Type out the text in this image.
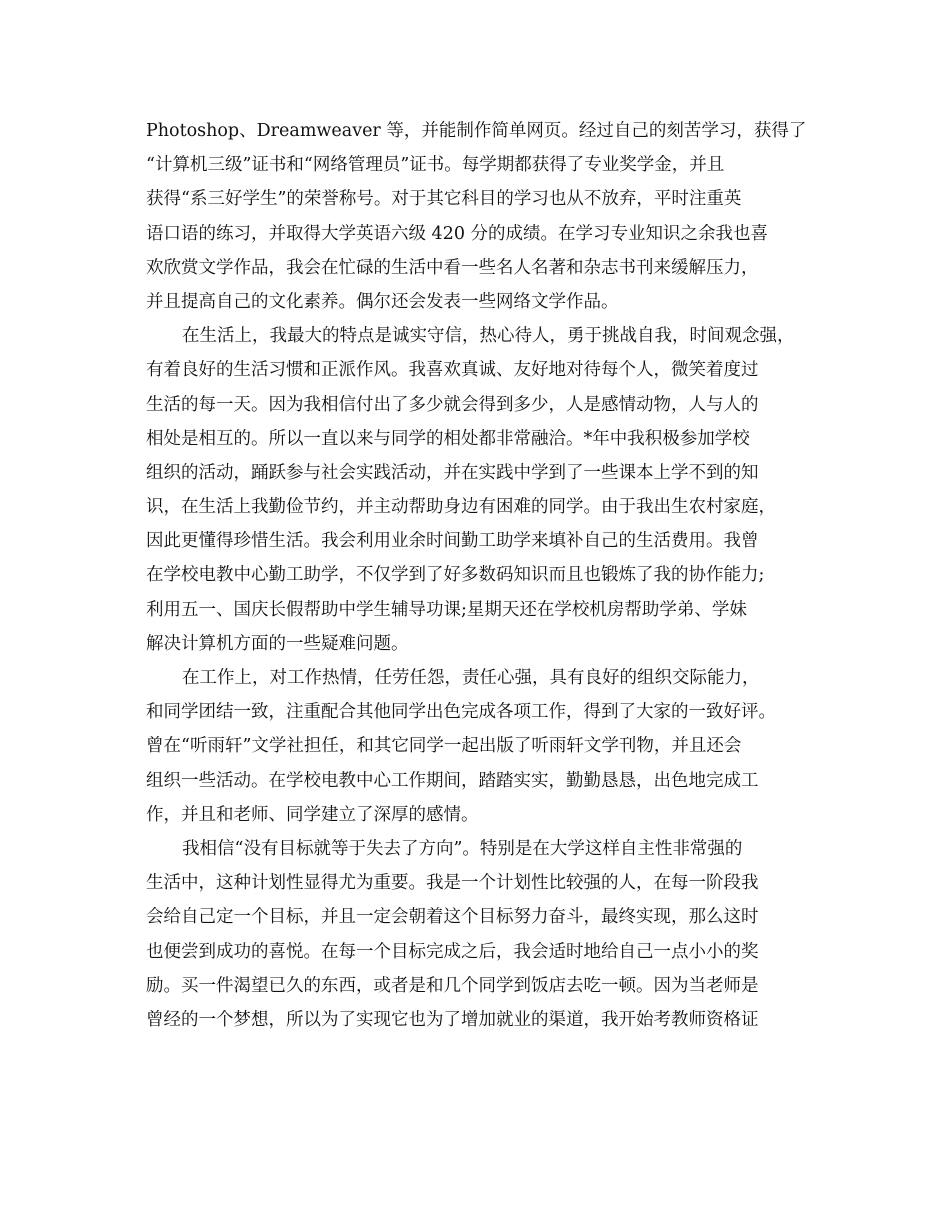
Photoshop、Dreamweaver 等，并能制作简单网页。经过自己的刻苦学习，获得了
“计算机三级”证书和“网络管理员”证书。每学期都获得了专业奖学金，并且
获得“系三好学生”的荣誉称号。对于其它科目的学习也从不放弃，平时注重英
语口语的练习，并取得大学英语六级 420 分的成绩。在学习专业知识之余我也喜
欢欣赏文学作品，我会在忙碌的生活中看一些名人名著和杂志书刊来缓解压力，
并且提高自己的文化素养。偶尔还会发表一些网络文学作品。
在生活上，我最大的特点是诚实守信，热心待人，勇于挑战自我，时间观念强，
有着良好的生活习惯和正派作风。我喜欢真诚、友好地对待每个人，微笑着度过
生活的每一天。因为我相信付出了多少就会得到多少，人是感情动物，人与人的
相处是相互的。所以一直以来与同学的相处都非常融洽。*年中我积极参加学校
组织的活动，踊跃参与社会实践活动，并在实践中学到了一些课本上学不到的知
识，在生活上我勤俭节约，并主动帮助身边有困难的同学。由于我出生农村家庭，
因此更懂得珍惜生活。我会利用业余时间勤工助学来填补自己的生活费用。我曾
在学校电教中心勤工助学，不仅学到了好多数码知识而且也锻炼了我的协作能力;
利用五一、国庆长假帮助中学生辅导功课;星期天还在学校机房帮助学弟、学妹
解决计算机方面的一些疑难问题。
在工作上，对工作热情，任劳任怨，责任心强，具有良好的组织交际能力，
和同学团结一致，注重配合其他同学出色完成各项工作，得到了大家的一致好评。
曾在“听雨轩”文学社担任，和其它同学一起出版了听雨轩文学刊物，并且还会
组织一些活动。在学校电教中心工作期间，踏踏实实，勤勤恳恳，出色地完成工
作，并且和老师、同学建立了深厚的感情。
我相信“没有目标就等于失去了方向”。特别是在大学这样自主性非常强的
生活中，这种计划性显得尤为重要。我是一个计划性比较强的人，在每一阶段我
会给自己定一个目标，并且一定会朝着这个目标努力奋斗，最终实现，那么这时
也便尝到成功的喜悦。在每一个目标完成之后，我会适时地给自己一点小小的奖
励。买一件渴望已久的东西，或者是和几个同学到饭店去吃一顿。因为当老师是
曾经的一个梦想，所以为了实现它也为了增加就业的渠道，我开始考教师资格证
